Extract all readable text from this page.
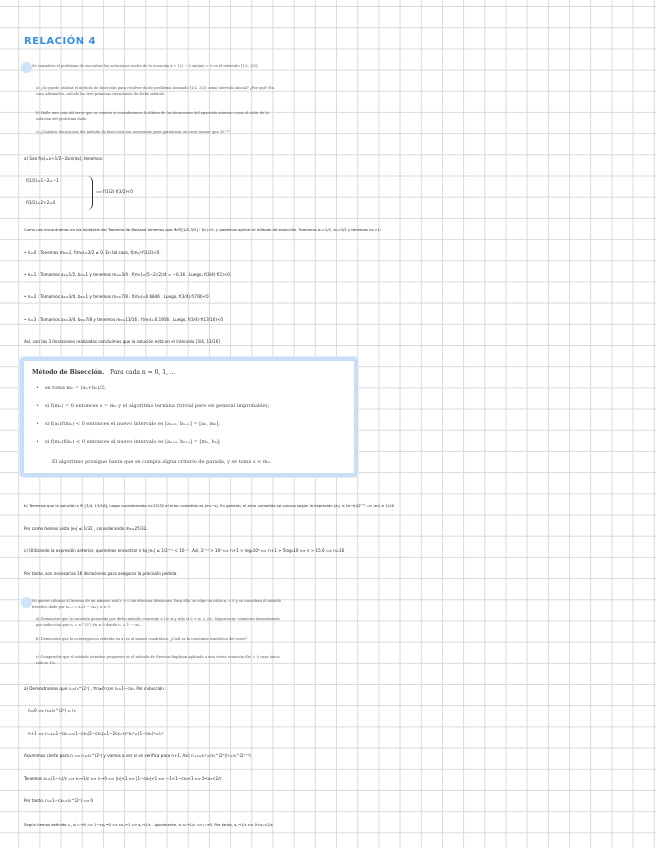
RELACIÓN 4
Se considera el problema de encontrar las soluciones reales de la ecuación x + 1/2 − 2 sin(πx) = 0 en el intervalo [1/2, 3/2].
a) ¿Se puede utilizar el método de bisección para resolver dicho problema tomando [1/2, 3/2] como intervalo inicial? ¿Por qué? En caso afirmativo, calcule las tres primeras iteraciones de dicho método.
b) Halle una cota del error que se comete si consideramos la última de las iteraciones del apartado anterior como el valor de la solución del problema dado.
c) ¿Cuántas iteraciones del método de bisección son necesarias para garantizar un error menor que 10⁻⁵?
a) Sea f(x)=x+1/2−2sin(πx), tenemos:
f(1/2)=1−2=−1
f(3/2)=2+2=4
⟹ f(1/2)·f(3/2)<0
Como nos encontramos en las hipótesis del Teorema de Bolzano tenemos que ∃c∈[1/2,3/2] : f(c)=0, y podemos aplicar el método de bisección. Tomamos a₀=1/2, b₀=3/2 y tenemos m₀=1:
• n=0 : Tenemos m₀=1, f(m₀)=3/2 ≠ 0. En tal caso, f(m₀)·f(1/2)<0.
• n=1 : Tomamos a₁=1/2, b₁=1 y tenemos m₁=3/4 , f(m₁)=(5−2√2)/4 = −0.16 . Luego, f(3/4)·f(1)<0.
• n=2 : Tomamos a₂=3/4, b₂=1 y tenemos m₂=7/8 , f(m₂)=0.6846 . Luego, f(3/4)·f(7/8)<0
• n=3 : Tomamos a₃=3/4, b₃=7/8 y tenemos m₃=13/16 , f(m₃)=0.1956 . Luego, f(3/4)·f(13/16)<0
Así, con las 3 iteraciones realizadas concluimos que la solución está en el intervalo [3/4, 13/16]
Método de Bisección. Para cada n = 0, 1, ...
• se toma mₙ = (aₙ+bₙ)/2;
• si f(mₙ) = 0 entonces s = mₙ y el algoritmo termina (trivial pero en general improbable);
• si f(aₙ)f(mₙ) < 0 entonces el nuevo intervalo es [aₙ₊₁, bₙ₊₁] = [aₙ, mₙ];
• si f(mₙ)f(bₙ) < 0 entonces el nuevo intervalo es [aₙ₊₁, bₙ₊₁] = [mₙ, bₙ];
El algoritmo prosigue hasta que se cumpla algún criterio de parada, y se toma s ≈ mₙ.
b) Tenemos que la solución s ∈ [3/4, 13/16], luego considerando s≈25/32 el error cometido es |m₃−s|. En general, el error cometido se calcula según la expresión |eₙ| ≤ (b−a)/2ⁿ⁺¹ ⟹ |e₃| ≤ 1/16
Por como hemos visto |e₃| ≤ 1/32 , considerando m₃=25/32.
c) Utilizando la expresión anterior, queremos encontrar n tq |eₙ| ≤ 1/2ⁿ⁺¹ < 10⁻⁵ . Así, 2ⁿ⁺¹ > 10⁵ ⟺ n+1 > log₂10⁵ ⟺ n+1 > 5log₂10 ⟺ n > 15.6 ⟹ n=16
Por tanto, son necesarias 16 iteraciones para asegurar la precisión pedida.
Se quiere calcular el inverso de un número real c > 0 sin efectuar divisiones. Para ello, se elige un valor x₀ > 0 y se considera el método iterativo dado por xₙ₊₁ = xₙ(2 − cxₙ), n ≥ 0.
a) Demuestre que la sucesión generada por dicho método converge a 1/c si y sólo si 0 < x₀ < 2/c. Sugerencia: comience demostrando por inducción que rₙ = r₀^(2ⁿ) ∀n ≥ 0 donde rₙ = 1 − cxₙ.
b) Demuestre que la convergencia referida en a) es al menos cuadrática. ¿Cuál es la constante asintótica del error?
c) Compruebe que el método iterativo propuesto es el método de Newton-Raphson aplicado a una cierta ecuación f(x) = 0 cuya única raíz es 1/c.
a) Demostramos que rₙ=r₀^(2ⁿ) , ∀n≥0 con r₀=1−cx₀. Por inducción :
n=0 ⟹ r₀=r₀^(2⁰) = r₀
n+1 ⟹ rₙ₊₁=1−cxₙ₊₁=1−cxₙ(2−cxₙ)=1−2cxₙ+c²xₙ²=(1−cxₙ)²=rₙ²
Asumimos cierto para n ⟹ rₙ=r₀^(2ⁿ) y vamos a ver si se verifica para n+1. Así: rₙ₊₁=rₙ²=(r₀^(2ⁿ))²=r₀^(2ⁿ⁺¹)
Tenemos xₙ=(1−rₙ)/c ⟹ xₙ→1/c ⟺ rₙ→0 ⟺ |r₀|<1 ⟺ |1−cx₀|<1 ⟺ −1<1−cx₀<1 ⟺ 0<x₀<2/c
Por tanto, rₙ=1−cxₙ=r₀^(2ⁿ) ⟹ 0
Según hemos definido rₙ, si rₙ→0 ⟹ 1−cxₙ→0 ⟹ cxₙ→1 ⟹ xₙ→1/c . Igualmente, si xₙ→1/c ⟹ rₙ→0. Por tanto, xₙ→1/c ⟺ 0<x₀<2/c
